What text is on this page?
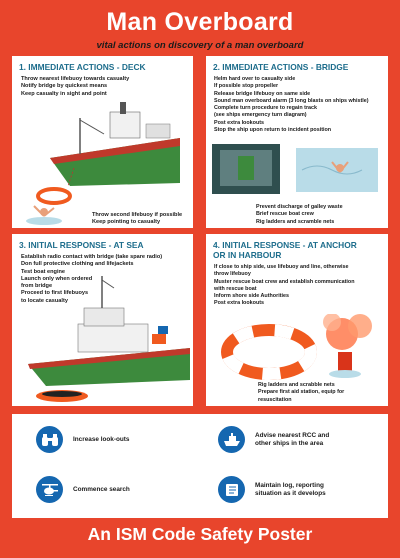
Man Overboard
vital actions on discovery of a man overboard
1. IMMEDIATE ACTIONS - DECK
Throw nearest lifebuoy towards casualty
Notify bridge by quickest means
Keep casualty in sight and point
Throw second lifebuoy if possible
Keep pointing to casualty
2. IMMEDIATE ACTIONS - BRIDGE
Helm hard over to casualty side
If possible stop propeller
Release bridge lifebuoy on same side
Sound man overboard alarm (3 long blasts on ships whistle)
Complete turn procedure to regain track
(see ships emergency turn diagram)
Post extra lookouts
Stop the ship upon return to incident position
Prevent discharge of galley waste
Brief rescue boat crew
Rig ladders and scramble nets
3. INITIAL RESPONSE - AT SEA
Establish radio contact with bridge (take spare radio)
Don full protective clothing and lifejackets
Test boat engine
Launch only when ordered
from bridge
Proceed to first lifebuoys
to locate casualty
4. INITIAL RESPONSE - AT ANCHOR
OR IN HARBOUR
If close to ship side, use lifebuoy and line, otherwise
throw lifebuoy
Muster rescue boat crew and establish communication
with rescue boat
Inform shore side Authorities
Post extra lookouts
Rig ladders and scrabble nets
Prepare first aid station, equip for
resuscitation
Increase look-outs
Advise nearest RCC and
other ships in the area
Commence search
Maintain log, reporting
situation as it develops
An ISM Code Safety Poster
